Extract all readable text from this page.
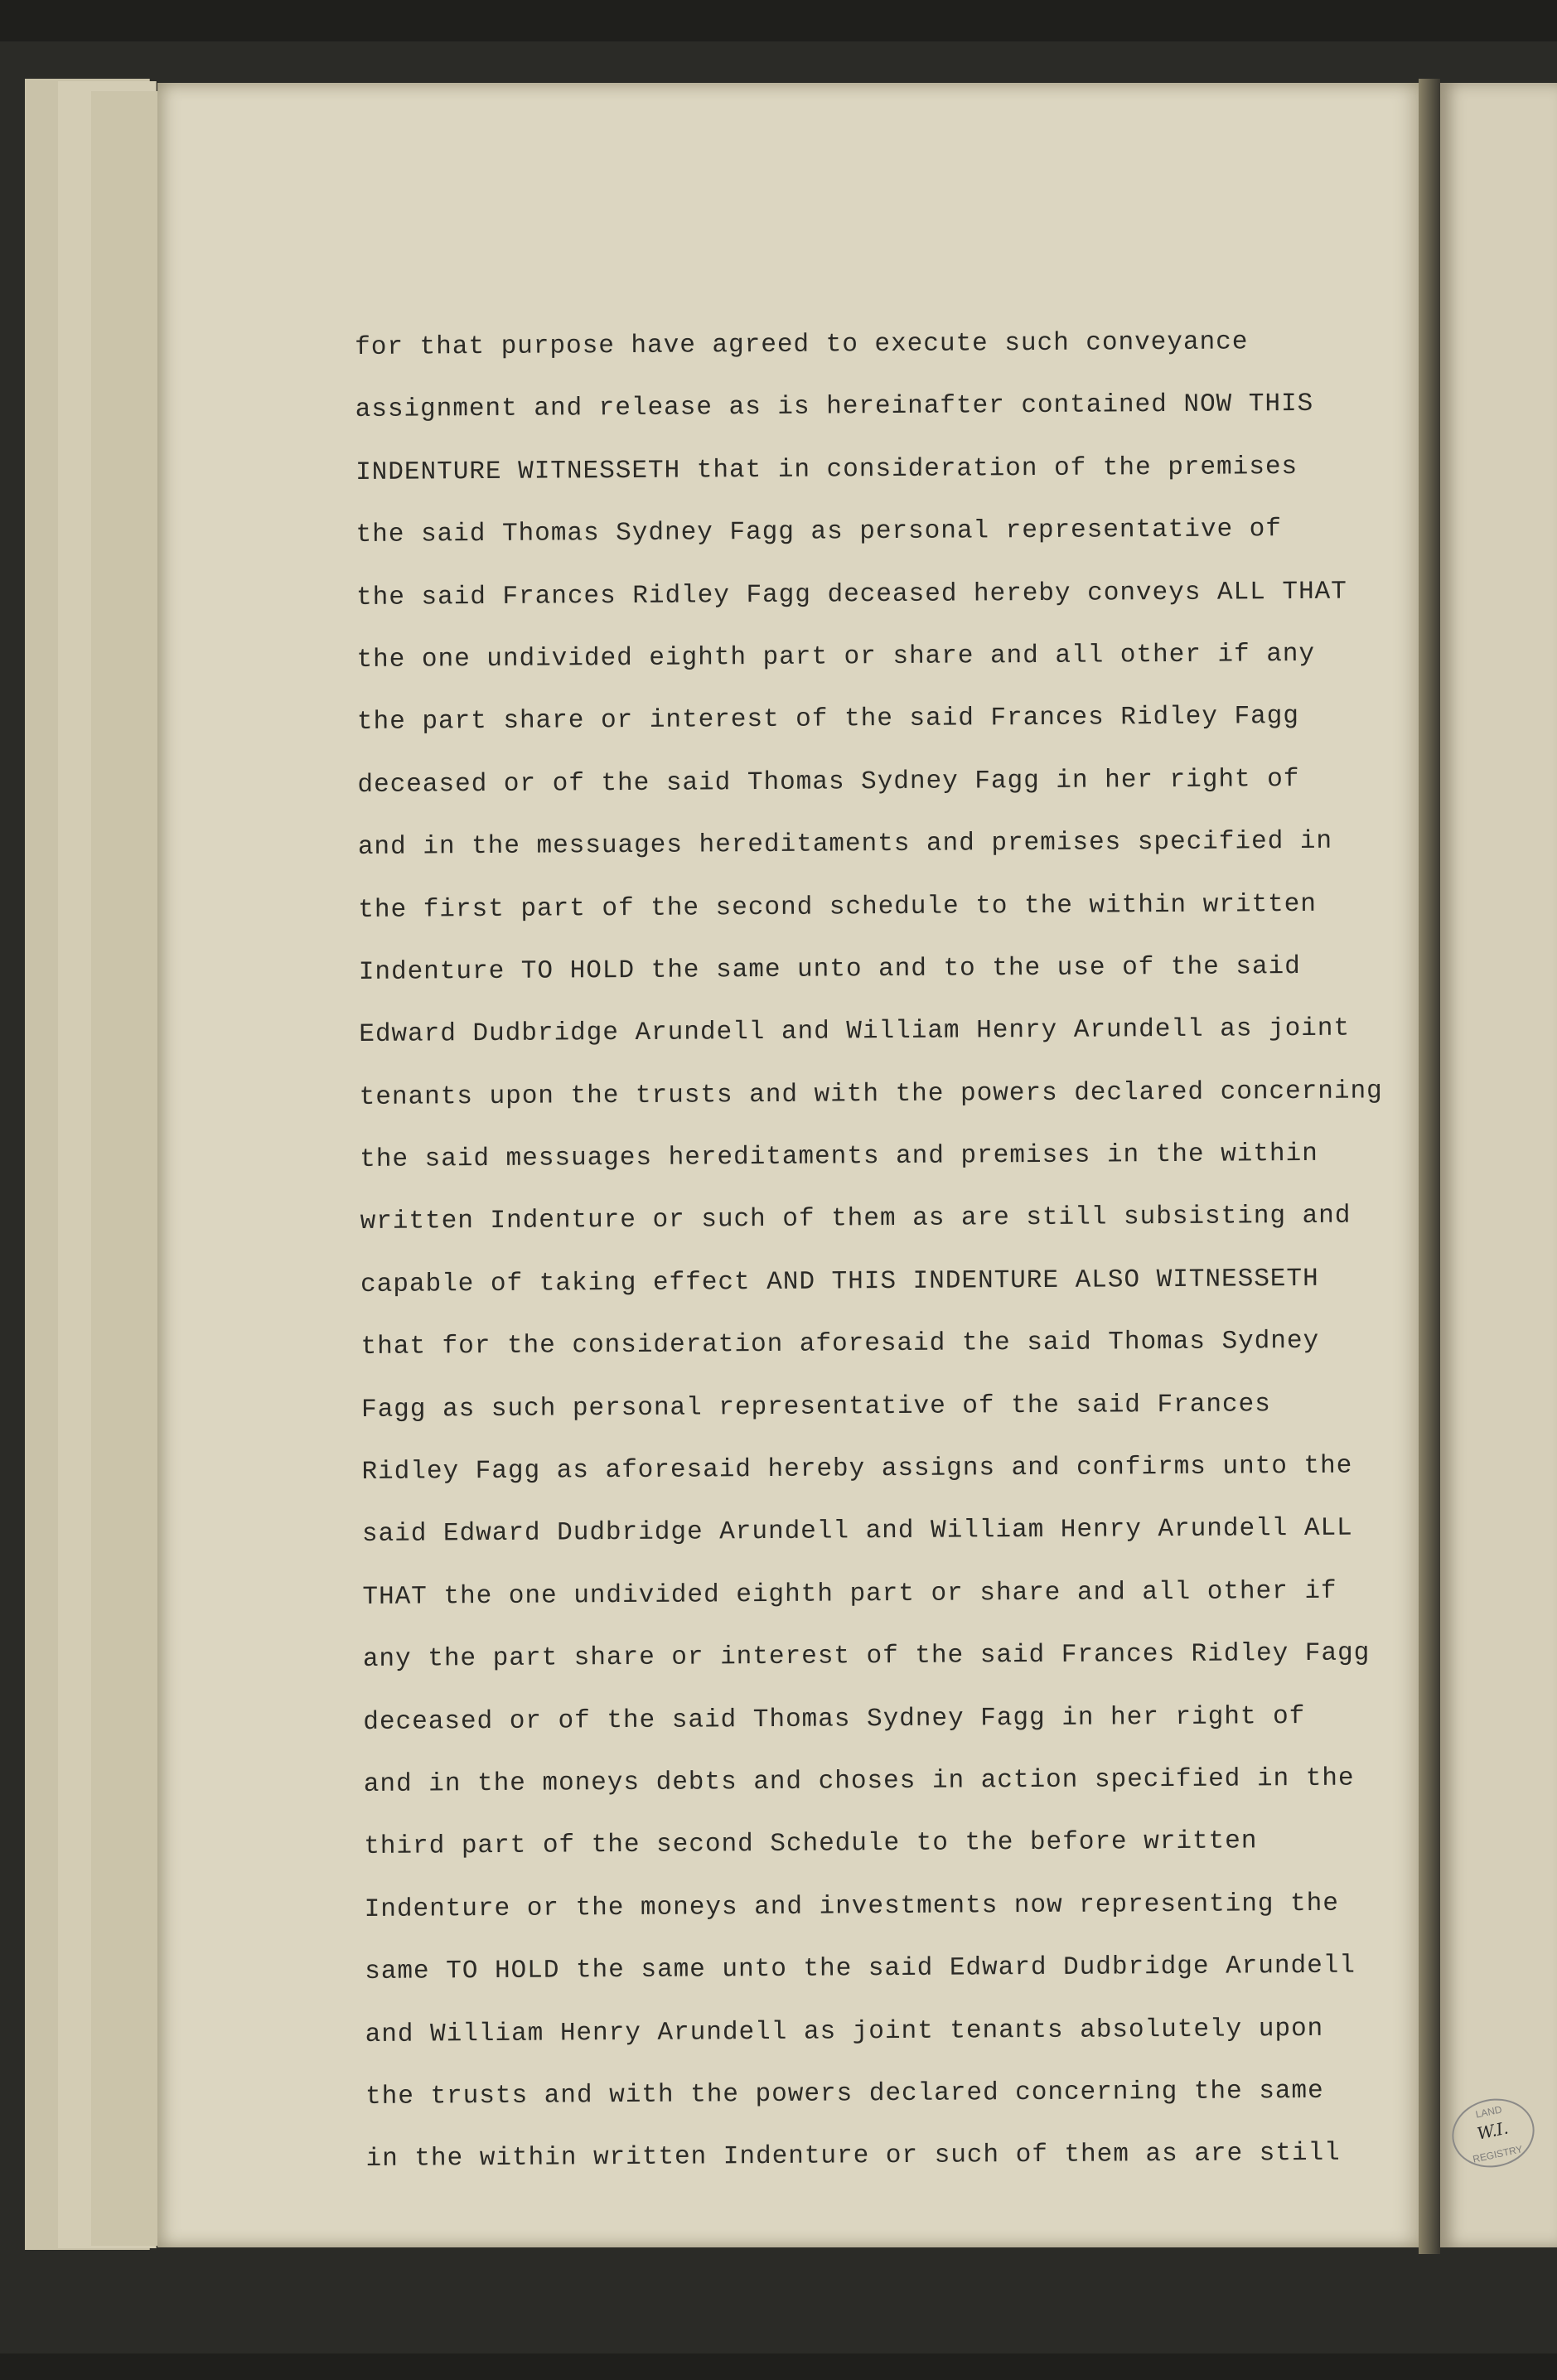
for that purpose have agreed to execute such conveyance
assignment and release as is hereinafter contained NOW THIS
INDENTURE WITNESSETH that in consideration of the premises
the said Thomas Sydney Fagg as personal representative of
the said Frances Ridley Fagg deceased hereby conveys ALL THAT
the one undivided eighth part or share and all other if any
the part share or interest of the said Frances Ridley Fagg
deceased or of the said Thomas Sydney Fagg in her right of
and in the messuages hereditaments and premises specified in
the first part of the second schedule to the within written
Indenture TO HOLD the same unto and to the use of the said
Edward Dudbridge Arundell and William Henry Arundell as joint
tenants upon the trusts and with the powers declared concerning
the said messuages hereditaments and premises in the within
written Indenture or such of them as are still subsisting and
capable of taking effect AND THIS INDENTURE ALSO WITNESSETH
that for the consideration aforesaid the said Thomas Sydney
Fagg as such personal representative of the said Frances
Ridley Fagg as aforesaid hereby assigns and confirms unto the
said Edward Dudbridge Arundell and William Henry Arundell ALL
THAT the one undivided eighth part or share and all other if
any the part share or interest of the said Frances Ridley Fagg
deceased or of the said Thomas Sydney Fagg in her right of
and in the moneys debts and choses in action specified in the
third part of the second Schedule to the before written
Indenture or the moneys and investments now representing the
same TO HOLD the same unto the said Edward Dudbridge Arundell
and William Henry Arundell as joint tenants absolutely upon
the trusts and with the powers declared concerning the same
in the within written Indenture or such of them as are still
LAND
W.I.
REGISTRY
